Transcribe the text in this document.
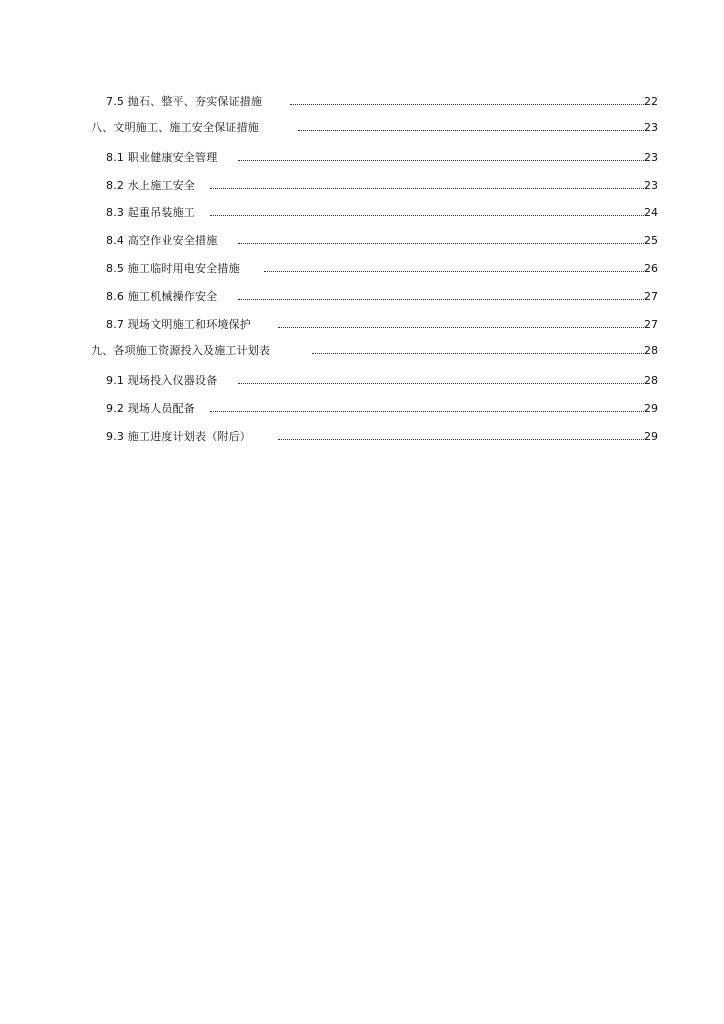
7.5 抛石、整平、夯实保证措施	22
八、文明施工、施工安全保证措施	23
8.1 职业健康安全管理	23
8.2 水上施工安全	23
8.3 起重吊装施工	24
8.4 高空作业安全措施	25
8.5 施工临时用电安全措施	26
8.6 施工机械操作安全	27
8.7 现场文明施工和环境保护	27
九、各项施工资源投入及施工计划表	28
9.1 现场投入仪器设备	28
9.2 现场人员配备	29
9.3 施工进度计划表（附后）	29
